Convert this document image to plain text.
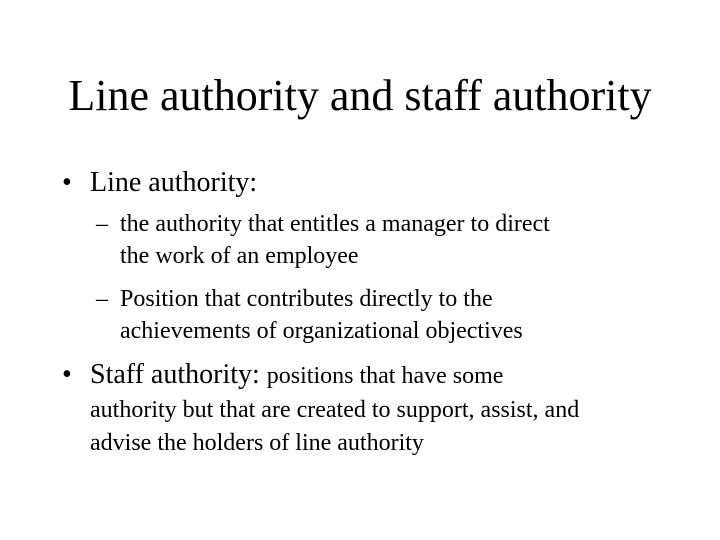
Line authority and staff authority
• Line authority:
– the authority that entitles a manager to direct
the work of an employee
– Position that contributes directly to the
achievements of organizational objectives
• Staff authority: positions that have some
authority but that are created to support, assist, and
advise the holders of line authority
